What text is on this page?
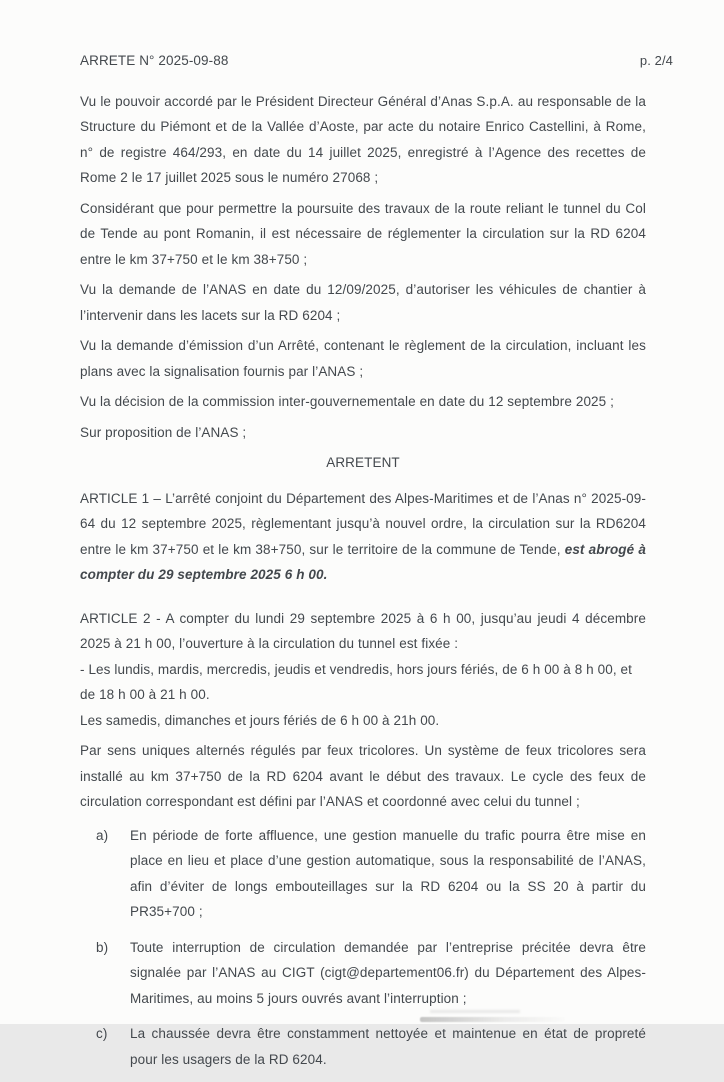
ARRETE N° 2025-09-88	p. 2/4

Vu le pouvoir accordé par le Président Directeur Général d’Anas S.p.A. au responsable de la Structure du Piémont et de la Vallée d’Aoste, par acte du notaire Enrico Castellini, à Rome, n° de registre 464/293, en date du 14 juillet 2025, enregistré à l’Agence des recettes de Rome 2 le 17 juillet 2025 sous le numéro 27068 ;

Considérant que pour permettre la poursuite des travaux de la route reliant le tunnel du Col de Tende au pont Romanin, il est nécessaire de réglementer la circulation sur la RD 6204 entre le km 37+750 et le km 38+750 ;

Vu la demande de l’ANAS en date du 12/09/2025, d’autoriser les véhicules de chantier à l’intervenir dans les lacets sur la RD 6204 ;

Vu la demande d’émission d’un Arrêté, contenant le règlement de la circulation, incluant les plans avec la signalisation fournis par l’ANAS ;

Vu la décision de la commission inter-gouvernementale en date du 12 septembre 2025 ;

Sur proposition de l’ANAS ;

ARRETENT

ARTICLE 1 – L’arrêté conjoint du Département des Alpes-Maritimes et de l’Anas n° 2025-09-64 du 12 septembre 2025, règlementant jusqu’à nouvel ordre, la circulation sur la RD6204 entre le km 37+750 et le km 38+750, sur le territoire de la commune de Tende, est abrogé à compter du 29 septembre 2025 6 h 00.

ARTICLE 2 - A compter du lundi 29 septembre 2025 à 6 h 00, jusqu’au jeudi 4 décembre 2025 à 21 h 00, l’ouverture à la circulation du tunnel est fixée :

- Les lundis, mardis, mercredis, jeudis et vendredis, hors jours fériés, de 6 h 00 à 8 h 00, et de 18 h 00 à 21 h 00.

Les samedis, dimanches et jours fériés de 6 h 00 à 21h 00.

Par sens uniques alternés régulés par feux tricolores. Un système de feux tricolores sera installé au km 37+750 de la RD 6204 avant le début des travaux. Le cycle des feux de circulation correspondant est défini par l’ANAS et coordonné avec celui du tunnel ;

a)	En période de forte affluence, une gestion manuelle du trafic pourra être mise en place en lieu et place d’une gestion automatique, sous la responsabilité de l’ANAS, afin d’éviter de longs embouteillages sur la RD 6204 ou la SS 20 à partir du PR35+700 ;
b)	Toute interruption de circulation demandée par l’entreprise précitée devra être signalée par l’ANAS au CIGT (cigt@departement06.fr) du Département des Alpes-Maritimes, au moins 5 jours ouvrés avant l’interruption ;
c)	La chaussée devra être constamment nettoyée et maintenue en état de propreté pour les usagers de la RD 6204.
